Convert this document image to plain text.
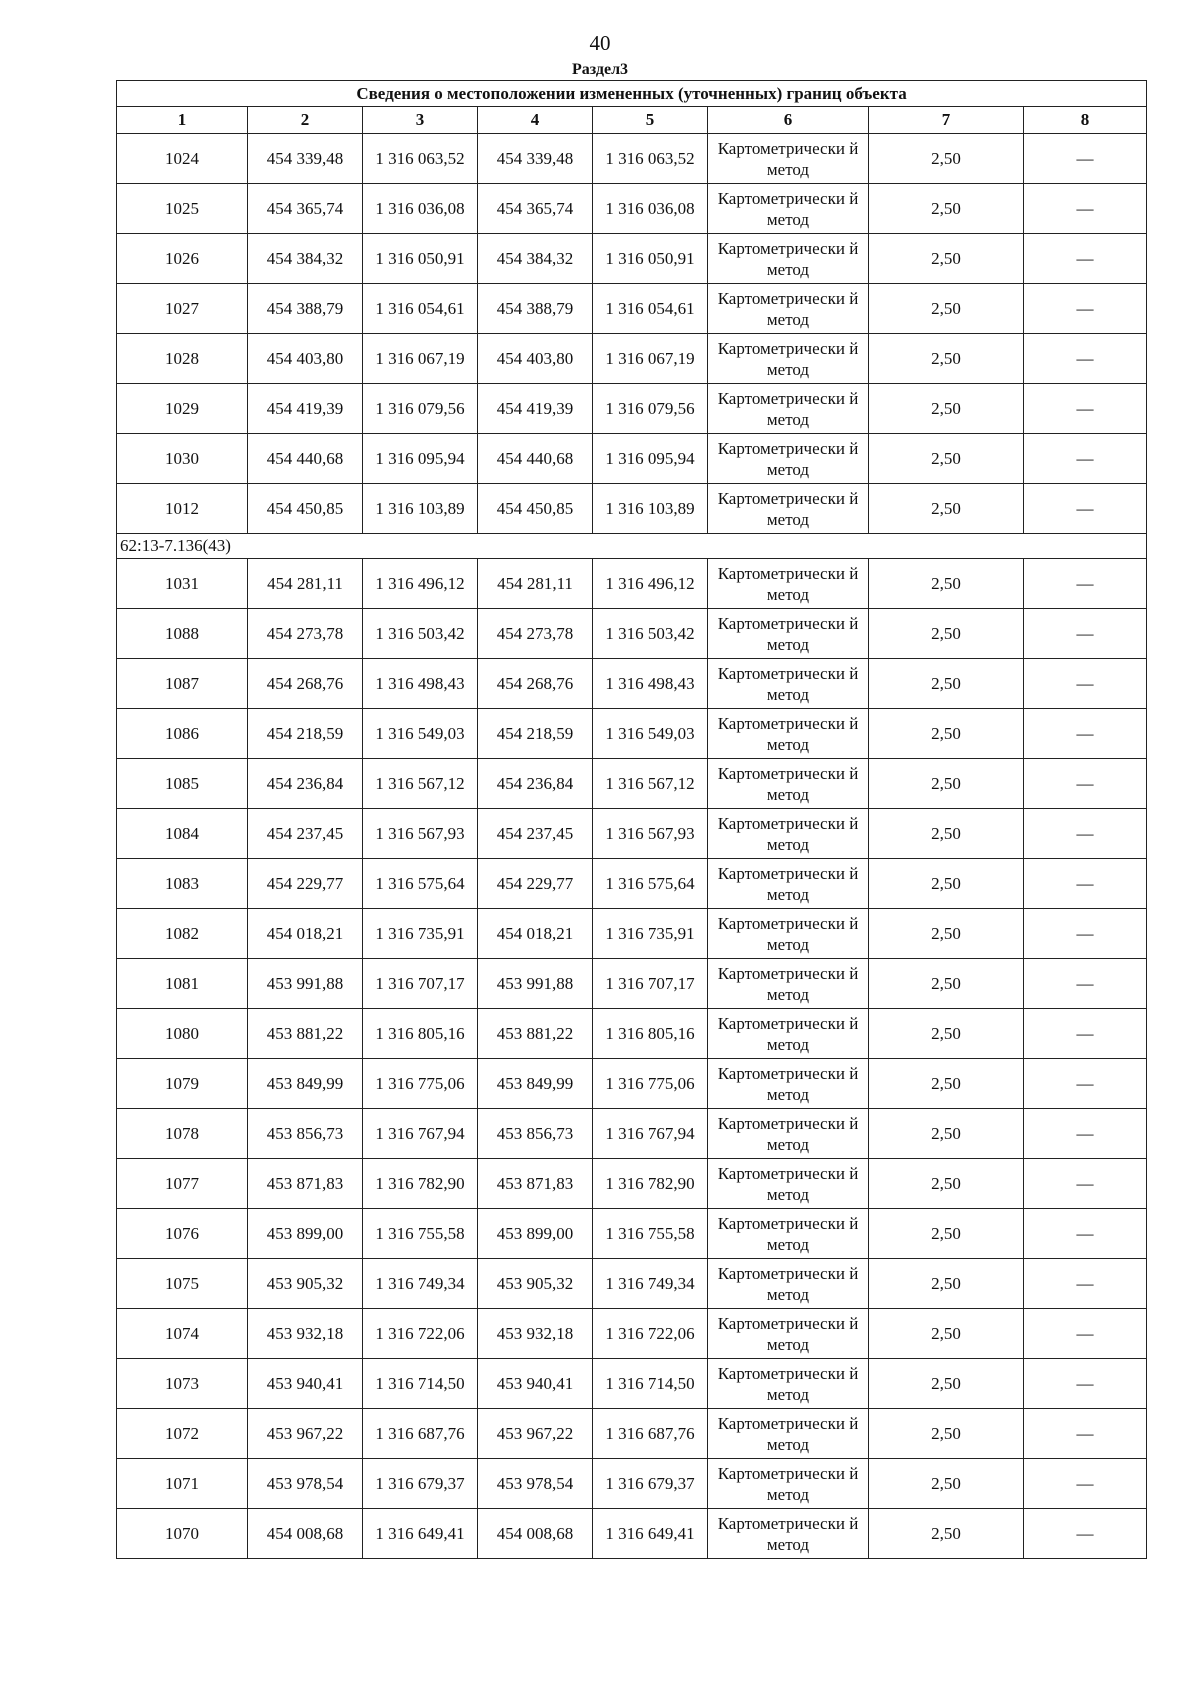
40
Раздел3
Сведения о местоположении измененных (уточненных) границ объекта							
1	2	3	4	5	6	7	8
1024	454 339,48	1 316 063,52	454 339,48	1 316 063,52	Картометрически й метод	2,50	—
1025	454 365,74	1 316 036,08	454 365,74	1 316 036,08	Картометрически й метод	2,50	—
1026	454 384,32	1 316 050,91	454 384,32	1 316 050,91	Картометрически й метод	2,50	—
1027	454 388,79	1 316 054,61	454 388,79	1 316 054,61	Картометрически й метод	2,50	—
1028	454 403,80	1 316 067,19	454 403,80	1 316 067,19	Картометрически й метод	2,50	—
1029	454 419,39	1 316 079,56	454 419,39	1 316 079,56	Картометрически й метод	2,50	—
1030	454 440,68	1 316 095,94	454 440,68	1 316 095,94	Картометрически й метод	2,50	—
1012	454 450,85	1 316 103,89	454 450,85	1 316 103,89	Картометрически й метод	2,50	—
62:13-7.136(43)							
1031	454 281,11	1 316 496,12	454 281,11	1 316 496,12	Картометрически й метод	2,50	—
1088	454 273,78	1 316 503,42	454 273,78	1 316 503,42	Картометрически й метод	2,50	—
1087	454 268,76	1 316 498,43	454 268,76	1 316 498,43	Картометрически й метод	2,50	—
1086	454 218,59	1 316 549,03	454 218,59	1 316 549,03	Картометрически й метод	2,50	—
1085	454 236,84	1 316 567,12	454 236,84	1 316 567,12	Картометрически й метод	2,50	—
1084	454 237,45	1 316 567,93	454 237,45	1 316 567,93	Картометрически й метод	2,50	—
1083	454 229,77	1 316 575,64	454 229,77	1 316 575,64	Картометрически й метод	2,50	—
1082	454 018,21	1 316 735,91	454 018,21	1 316 735,91	Картометрически й метод	2,50	—
1081	453 991,88	1 316 707,17	453 991,88	1 316 707,17	Картометрически й метод	2,50	—
1080	453 881,22	1 316 805,16	453 881,22	1 316 805,16	Картометрически й метод	2,50	—
1079	453 849,99	1 316 775,06	453 849,99	1 316 775,06	Картометрически й метод	2,50	—
1078	453 856,73	1 316 767,94	453 856,73	1 316 767,94	Картометрически й метод	2,50	—
1077	453 871,83	1 316 782,90	453 871,83	1 316 782,90	Картометрически й метод	2,50	—
1076	453 899,00	1 316 755,58	453 899,00	1 316 755,58	Картометрически й метод	2,50	—
1075	453 905,32	1 316 749,34	453 905,32	1 316 749,34	Картометрически й метод	2,50	—
1074	453 932,18	1 316 722,06	453 932,18	1 316 722,06	Картометрически й метод	2,50	—
1073	453 940,41	1 316 714,50	453 940,41	1 316 714,50	Картометрически й метод	2,50	—
1072	453 967,22	1 316 687,76	453 967,22	1 316 687,76	Картометрически й метод	2,50	—
1071	453 978,54	1 316 679,37	453 978,54	1 316 679,37	Картометрически й метод	2,50	—
1070	454 008,68	1 316 649,41	454 008,68	1 316 649,41	Картометрически й метод	2,50	—
